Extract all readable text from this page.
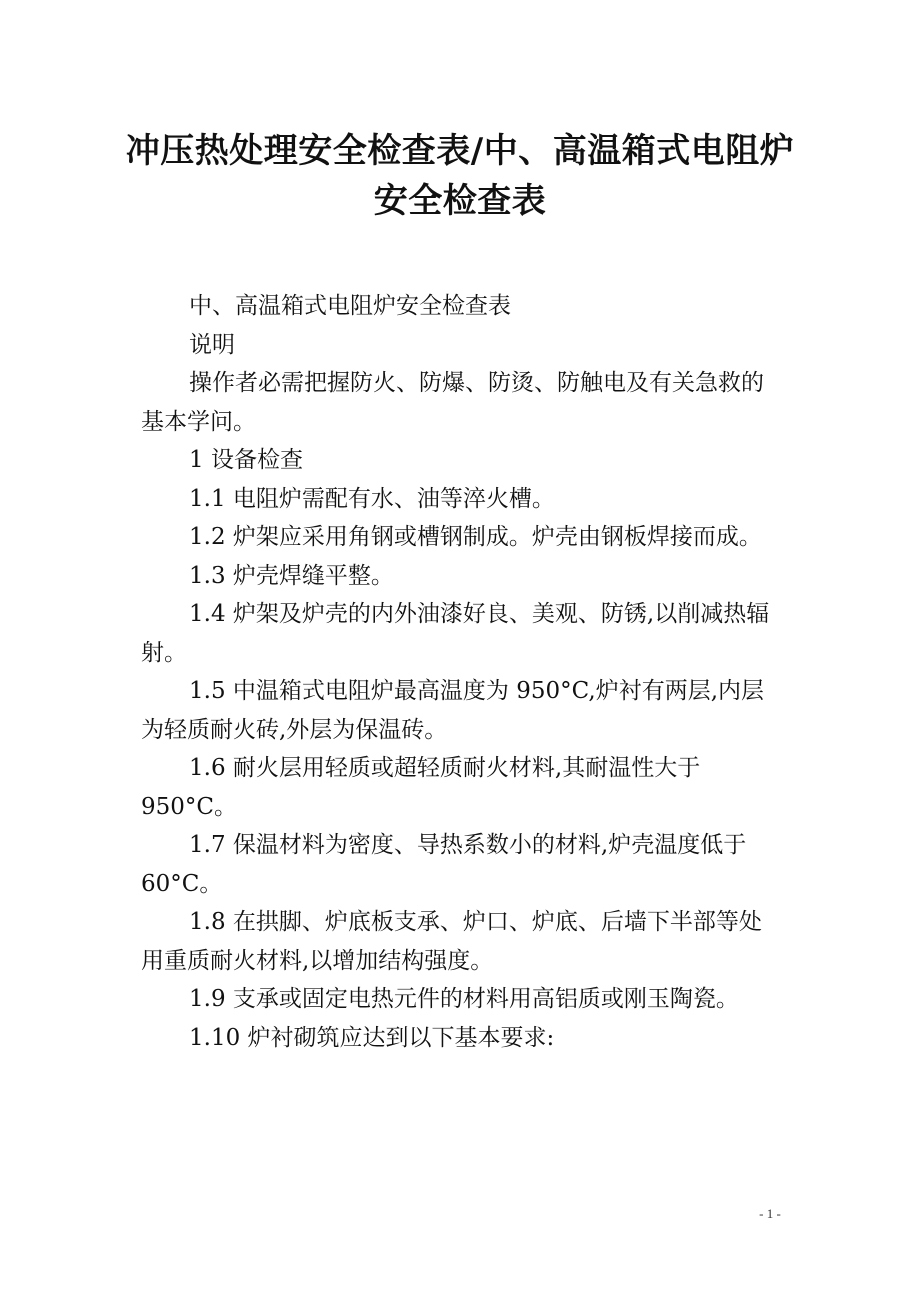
冲压热处理安全检查表/中、高温箱式电阻炉 安全检查表

中、高温箱式电阻炉安全检查表

说明

操作者必需把握防火、防爆、防烫、防触电及有关急救的基本学问。

1 设备检查

1.1 电阻炉需配有水、油等淬火槽。

1.2 炉架应采用角钢或槽钢制成。炉壳由钢板焊接而成。

1.3 炉壳焊缝平整。

1.4 炉架及炉壳的内外油漆好良、美观、防锈,以削减热辐射。

1.5 中温箱式电阻炉最高温度为 950°C,炉衬有两层,内层为轻质耐火砖,外层为保温砖。

1.6 耐火层用轻质或超轻质耐火材料,其耐温性大于950°C。

1.7 保温材料为密度、导热系数小的材料,炉壳温度低于60°C。

1.8 在拱脚、炉底板支承、炉口、炉底、后墙下半部等处用重质耐火材料,以增加结构强度。

1.9 支承或固定电热元件的材料用高铝质或刚玉陶瓷。

1.10 炉衬砌筑应达到以下基本要求:

- 1 -
